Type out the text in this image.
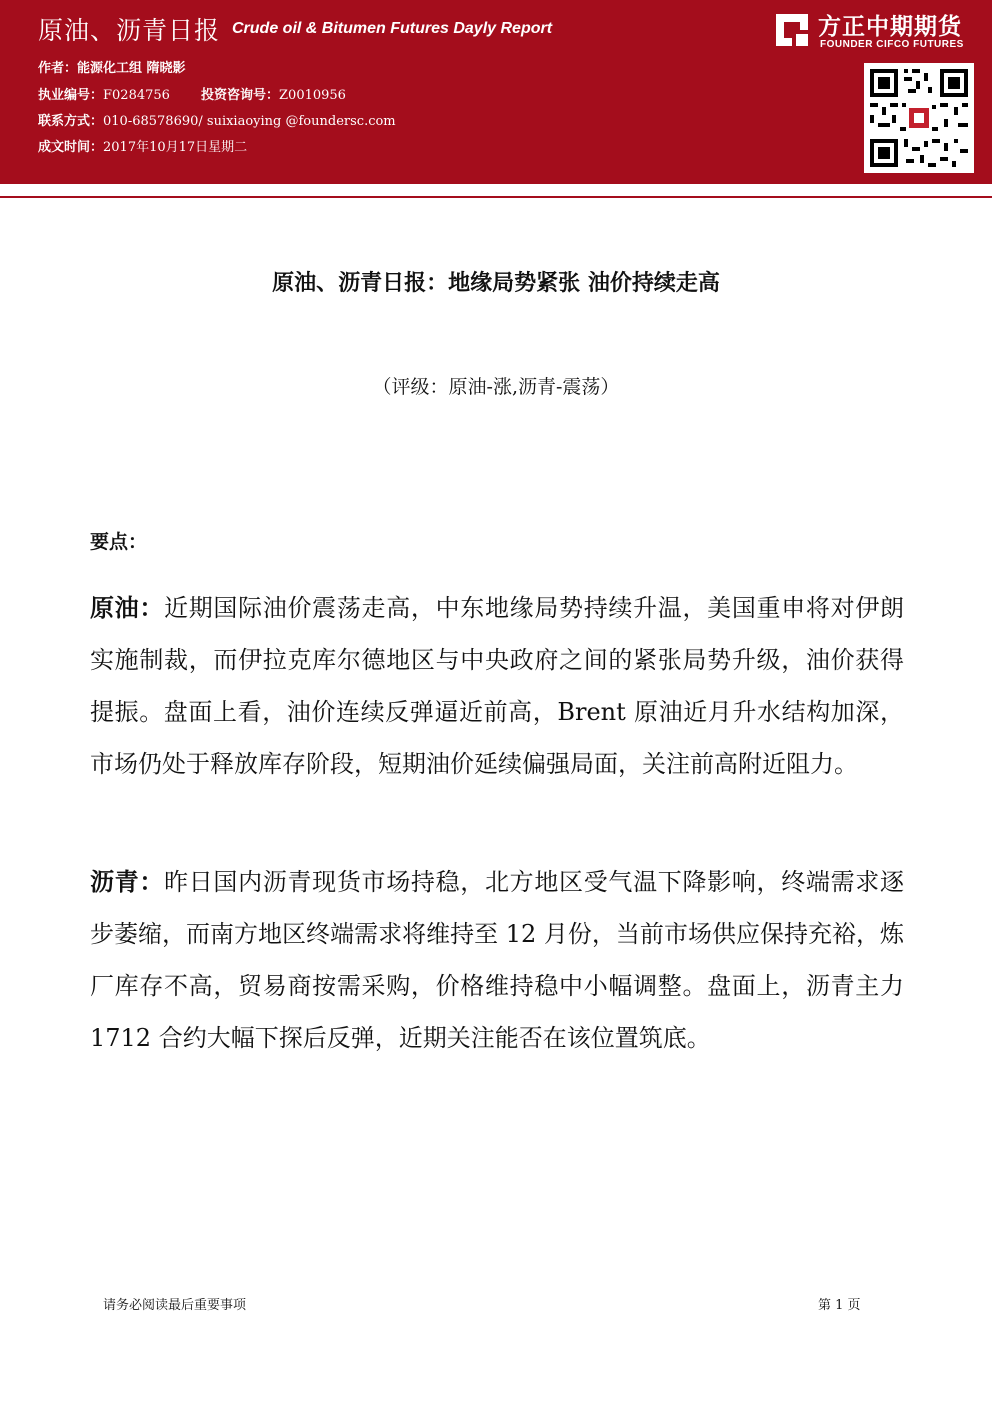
原油、沥青日报 Crude oil & Bitumen Futures Dayly Report
作者：能源化工组 隋晓影
执业编号：F0284756 投资咨询号：Z0010956
联系方式：010-68578690/ suixiaoying @foundersc.com
成文时间：2017年10月17日星期二
方正中期期货
FOUNDER CIFCO FUTURES
原油、沥青日报：地缘局势紧张 油价持续走高
（评级：原油-涨,沥青-震荡）
要点：
原油：近期国际油价震荡走高，中东地缘局势持续升温，美国重申将对伊朗实施制裁，而伊拉克库尔德地区与中央政府之间的紧张局势升级，油价获得提振。盘面上看，油价连续反弹逼近前高，Brent 原油近月升水结构加深，市场仍处于释放库存阶段，短期油价延续偏强局面，关注前高附近阻力。
沥青：昨日国内沥青现货市场持稳，北方地区受气温下降影响，终端需求逐步萎缩，而南方地区终端需求将维持至 12 月份，当前市场供应保持充裕，炼厂库存不高，贸易商按需采购，价格维持稳中小幅调整。盘面上，沥青主力 1712 合约大幅下探后反弹，近期关注能否在该位置筑底。
请务必阅读最后重要事项	第 1 页
